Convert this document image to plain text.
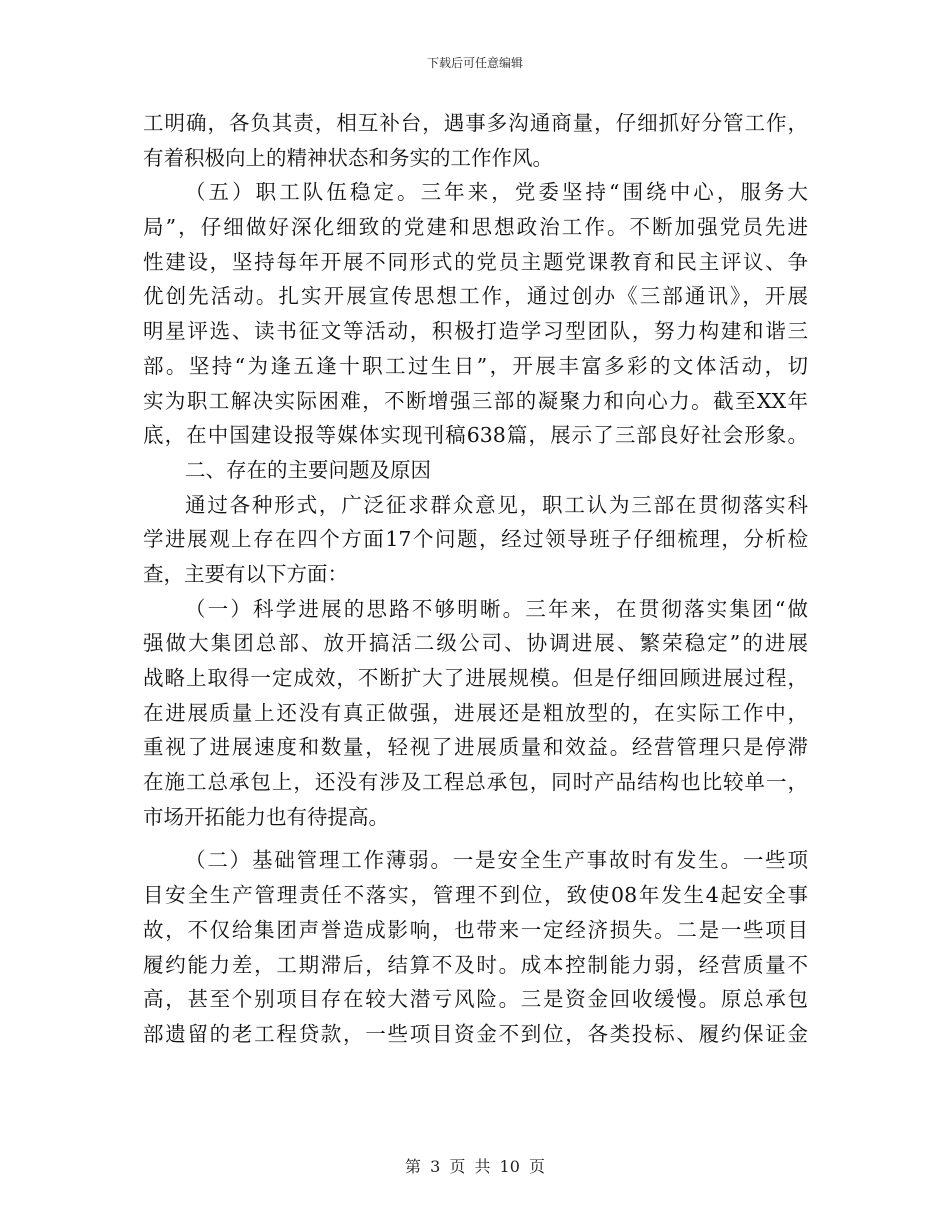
下载后可任意编辑
工明确，各负其责，相互补台，遇事多沟通商量，仔细抓好分管工作，
有着积极向上的精神状态和务实的工作作风。
（五）职工队伍稳定。三年来，党委坚持“围绕中心，服务大
局”，仔细做好深化细致的党建和思想政治工作。不断加强党员先进
性建设，坚持每年开展不同形式的党员主题党课教育和民主评议、争
优创先活动。扎实开展宣传思想工作，通过创办《三部通讯》，开展
明星评选、读书征文等活动，积极打造学习型团队，努力构建和谐三
部。坚持“为逢五逢十职工过生日”，开展丰富多彩的文体活动，切
实为职工解决实际困难，不断增强三部的凝聚力和向心力。截至XX年
底，在中国建设报等媒体实现刊稿638篇，展示了三部良好社会形象。
二、存在的主要问题及原因
通过各种形式，广泛征求群众意见，职工认为三部在贯彻落实科
学进展观上存在四个方面17个问题，经过领导班子仔细梳理，分析检
查，主要有以下方面：
（一）科学进展的思路不够明晰。三年来，在贯彻落实集团“做
强做大集团总部、放开搞活二级公司、协调进展、繁荣稳定”的进展
战略上取得一定成效，不断扩大了进展规模。但是仔细回顾进展过程，
在进展质量上还没有真正做强，进展还是粗放型的，在实际工作中，
重视了进展速度和数量，轻视了进展质量和效益。经营管理只是停滞
在施工总承包上，还没有涉及工程总承包，同时产品结构也比较单一，
市场开拓能力也有待提高。
（二）基础管理工作薄弱。一是安全生产事故时有发生。一些项
目安全生产管理责任不落实，管理不到位，致使08年发生4起安全事
故，不仅给集团声誉造成影响，也带来一定经济损失。二是一些项目
履约能力差，工期滞后，结算不及时。成本控制能力弱，经营质量不
高，甚至个别项目存在较大潜亏风险。三是资金回收缓慢。原总承包
部遗留的老工程贷款，一些项目资金不到位，各类投标、履约保证金
第 3 页 共 10 页
